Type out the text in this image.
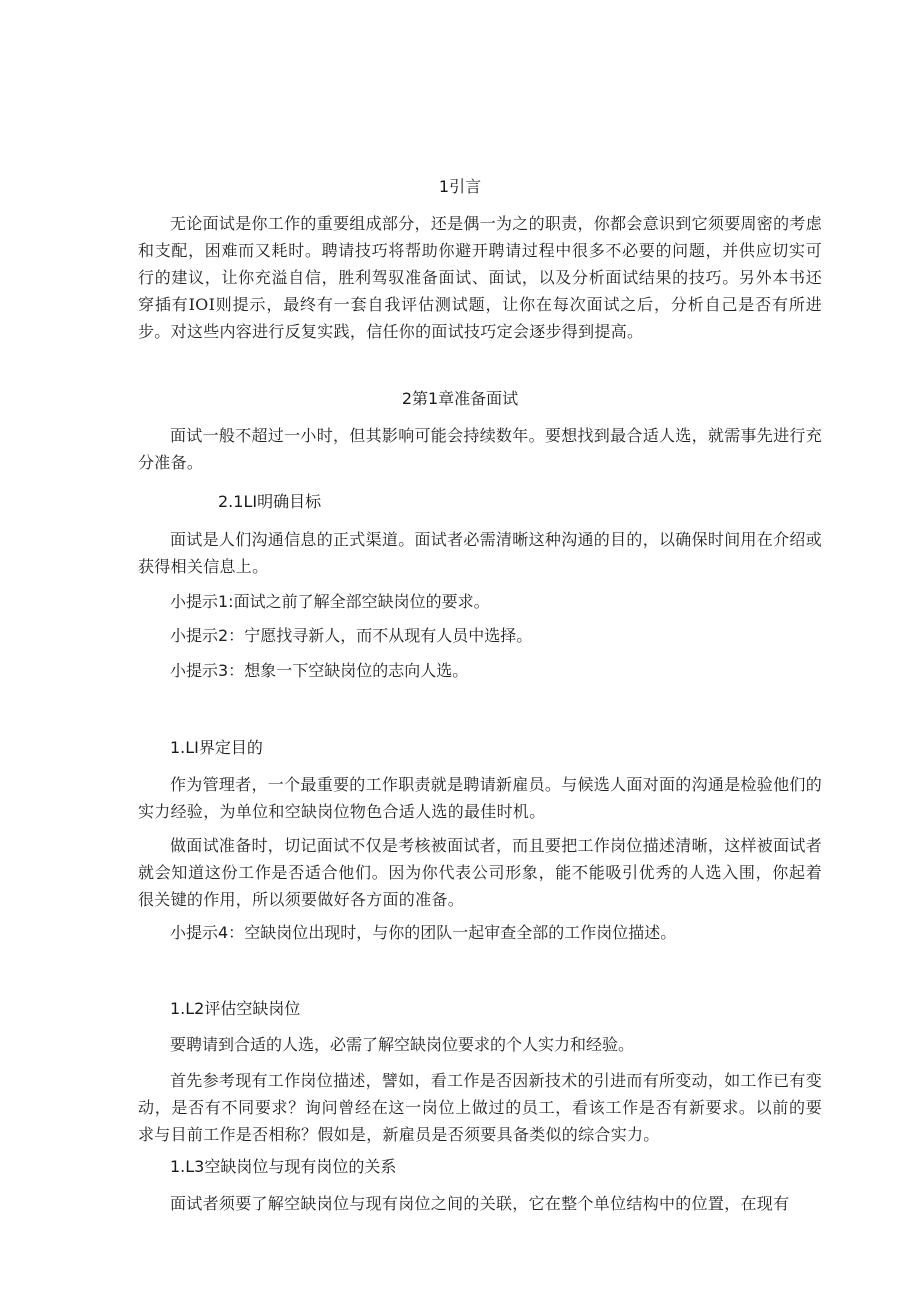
1引言
无论面试是你工作的重要组成部分，还是偶一为之的职责，你都会意识到它须要周密的考虑和支配，困难而又耗时。聘请技巧将帮助你避开聘请过程中很多不必要的问题，并供应切实可行的建议，让你充溢自信，胜利驾驭准备面试、面试，以及分析面试结果的技巧。另外本书还穿插有IOI则提示，最终有一套自我评估测试题，让你在每次面试之后，分析自己是否有所进步。对这些内容进行反复实践，信任你的面试技巧定会逐步得到提高。
2第1章准备面试
面试一般不超过一小时，但其影响可能会持续数年。要想找到最合适人选，就需事先进行充分准备。
2.1LI明确目标
面试是人们沟通信息的正式渠道。面试者必需清晰这种沟通的目的，以确保时间用在介绍或获得相关信息上。
小提示1:面试之前了解全部空缺岗位的要求。
小提示2：宁愿找寻新人，而不从现有人员中选择。
小提示3：想象一下空缺岗位的志向人选。
1.LI界定目的
作为管理者，一个最重要的工作职责就是聘请新雇员。与候选人面对面的沟通是检验他们的实力经验，为单位和空缺岗位物色合适人选的最佳时机。
做面试准备时，切记面试不仅是考核被面试者，而且要把工作岗位描述清晰，这样被面试者就会知道这份工作是否适合他们。因为你代表公司形象，能不能吸引优秀的人选入围，你起着很关键的作用，所以须要做好各方面的准备。
小提示4：空缺岗位出现时，与你的团队一起审查全部的工作岗位描述。
1.L2评估空缺岗位
要聘请到合适的人选，必需了解空缺岗位要求的个人实力和经验。
首先参考现有工作岗位描述，譬如，看工作是否因新技术的引进而有所变动，如工作已有变动，是否有不同要求？询问曾经在这一岗位上做过的员工，看该工作是否有新要求。以前的要求与目前工作是否相称？假如是，新雇员是否须要具备类似的综合实力。
1.L3空缺岗位与现有岗位的关系
面试者须要了解空缺岗位与现有岗位之间的关联，它在整个单位结构中的位置，在现有
